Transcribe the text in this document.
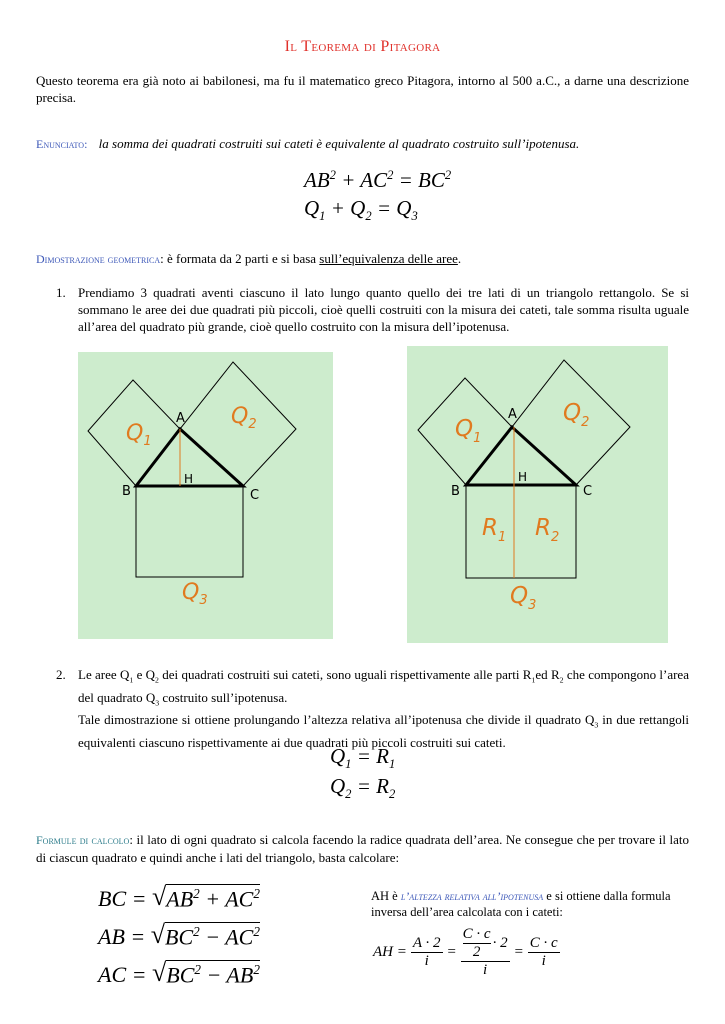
Il Teorema di Pitagora
Questo teorema era già noto ai babilonesi, ma fu il matematico greco Pitagora, intorno al 500 a.C., a darne una descrizione precisa.
Enunciato: la somma dei quadrati costruiti sui cateti è equivalente al quadrato costruito sull’ipotenusa.
$AB^2 + AC^2 = BC^2$
$Q_1 + Q_2 = Q_3$
Dimostrazione geometrica: è formata da 2 parti e si basa sull’equivalenza delle aree.
1. Prendiamo 3 quadrati aventi ciascuno il lato lungo quanto quello dei tre lati di un triangolo rettangolo. Se si sommano le aree dei due quadrati più piccoli, cioè quelli costruiti con la misura dei cateti, tale somma risulta uguale all’area del quadrato più grande, cioè quello costruito con la misura dell’ipotenusa.
A
B	C
H
$Q_1$
$Q_2$
$Q_3$
A
B	C
H
$Q_1$
$Q_2$
$R_1$ $R_2$
$Q_3$
2. Le aree $Q_1$ e $Q_2$ dei quadrati costruiti sui cateti, sono uguali rispettivamente alle parti $R_1ed$ $R_2$ che compongono l’area del quadrato $Q_3$ costruito sull’ipotenusa.
Tale dimostrazione si ottiene prolungando l’altezza relativa all’ipotenusa che divide il quadrato $Q_3$ in due rettangoli equivalenti ciascuno rispettivamente ai due quadrati più piccoli costruiti sui cateti.
$Q_1 = R_1$
$Q_2 = R_2$
Formule di calcolo: il lato di ogni quadrato si calcola facendo la radice quadrata dell’area. Ne consegue che per trovare il lato di ciascun quadrato e quindi anche i lati del triangolo, basta calcolare:
BC = √ $AB^2 + AC^2$
AB = √ $BC^2 - AC^2$
AC = √ $BC^2 - AB^2$
AH è l’altezza relativa all’ipotenusa e si ottiene dalla formula inversa dell’area calcolata con i cateti:
AH = $\frac{A \cdot 2}{i} = C \cdot c$
2
· 2
$i = \frac{C \cdot c}{i}$
